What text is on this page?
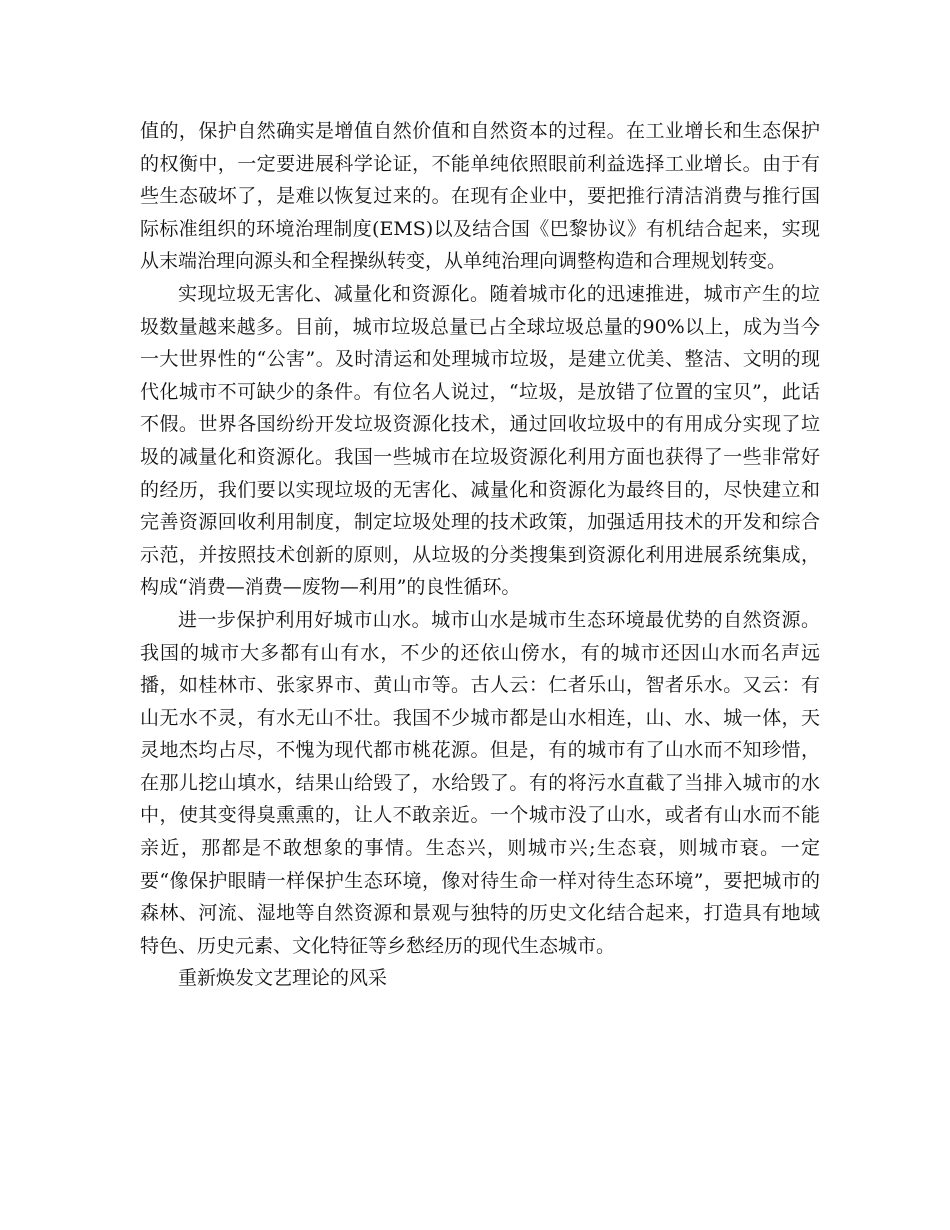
值的，保护自然确实是增值自然价值和自然资本的过程。在工业增长和生态保护的权衡中，一定要进展科学论证，不能单纯依照眼前利益选择工业增长。由于有些生态破坏了，是难以恢复过来的。在现有企业中，要把推行清洁消费与推行国际标准组织的环境治理制度(EMS)以及结合国《巴黎协议》有机结合起来，实现从末端治理向源头和全程操纵转变，从单纯治理向调整构造和合理规划转变。

实现垃圾无害化、减量化和资源化。随着城市化的迅速推进，城市产生的垃圾数量越来越多。目前，城市垃圾总量已占全球垃圾总量的90%以上，成为当今一大世界性的“公害”。及时清运和处理城市垃圾，是建立优美、整洁、文明的现代化城市不可缺少的条件。有位名人说过，“垃圾，是放错了位置的宝贝”，此话不假。世界各国纷纷开发垃圾资源化技术，通过回收垃圾中的有用成分实现了垃圾的减量化和资源化。我国一些城市在垃圾资源化利用方面也获得了一些非常好的经历，我们要以实现垃圾的无害化、减量化和资源化为最终目的，尽快建立和完善资源回收利用制度，制定垃圾处理的技术政策，加强适用技术的开发和综合示范，并按照技术创新的原则，从垃圾的分类搜集到资源化利用进展系统集成，构成“消费—消费—废物—利用”的良性循环。

进一步保护利用好城市山水。城市山水是城市生态环境最优势的自然资源。我国的城市大多都有山有水，不少的还依山傍水，有的城市还因山水而名声远播，如桂林市、张家界市、黄山市等。古人云：仁者乐山，智者乐水。又云：有山无水不灵，有水无山不壮。我国不少城市都是山水相连，山、水、城一体，天灵地杰均占尽，不愧为现代都市桃花源。但是，有的城市有了山水而不知珍惜，在那儿挖山填水，结果山给毁了，水给毁了。有的将污水直截了当排入城市的水中，使其变得臭熏熏的，让人不敢亲近。一个城市没了山水，或者有山水而不能亲近，那都是不敢想象的事情。生态兴，则城市兴;生态衰，则城市衰。一定要“像保护眼睛一样保护生态环境，像对待生命一样对待生态环境”，要把城市的森林、河流、湿地等自然资源和景观与独特的历史文化结合起来，打造具有地域特色、历史元素、文化特征等乡愁经历的现代生态城市。

重新焕发文艺理论的风采
